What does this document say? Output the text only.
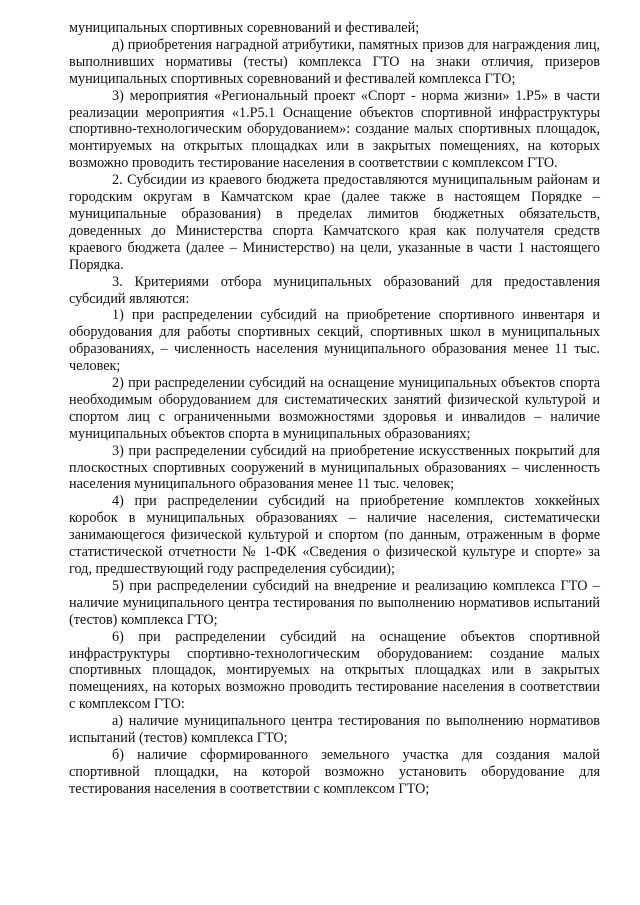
муниципальных спортивных соревнований и фестивалей;

д) приобретения наградной атрибутики, памятных призов для награждения лиц, выполнивших нормативы (тесты) комплекса ГТО на знаки отличия, призеров муниципальных спортивных соревнований и фестивалей комплекса ГТО;

3) мероприятия «Региональный проект «Спорт - норма жизни» 1.Р5» в части реализации мероприятия «1.Р5.1 Оснащение объектов спортивной инфраструктуры спортивно-технологическим оборудованием»: создание малых спортивных площадок, монтируемых на открытых площадках или в закрытых помещениях, на которых возможно проводить тестирование населения в соответствии с комплексом ГТО.

2. Субсидии из краевого бюджета предоставляются муниципальным районам и городским округам в Камчатском крае (далее также в настоящем Порядке – муниципальные образования) в пределах лимитов бюджетных обязательств, доведенных до Министерства спорта Камчатского края как получателя средств краевого бюджета (далее – Министерство) на цели, указанные в части 1 настоящего Порядка.

3. Критериями отбора муниципальных образований для предоставления субсидий являются:

1) при распределении субсидий на приобретение спортивного инвентаря и оборудования для работы спортивных секций, спортивных школ в муниципальных образованиях, – численность населения муниципального образования менее 11 тыс. человек;

2) при распределении субсидий на оснащение муниципальных объектов спорта необходимым оборудованием для систематических занятий физической культурой и спортом лиц с ограниченными возможностями здоровья и инвалидов – наличие муниципальных объектов спорта в муниципальных образованиях;

3) при распределении субсидий на приобретение искусственных покрытий для плоскостных спортивных сооружений в муниципальных образованиях – численность населения муниципального образования менее 11 тыс. человек;

4) при распределении субсидий на приобретение комплектов хоккейных коробок в муниципальных образованиях – наличие населения, систематически занимающегося физической культурой и спортом (по данным, отраженным в форме статистической отчетности № 1-ФК «Сведения о физической культуре и спорте» за год, предшествующий году распределения субсидии);

5) при распределении субсидий на внедрение и реализацию комплекса ГТО – наличие муниципального центра тестирования по выполнению нормативов испытаний (тестов) комплекса ГТО;

6) при распределении субсидий на оснащение объектов спортивной инфраструктуры спортивно-технологическим оборудованием: создание малых спортивных площадок, монтируемых на открытых площадках или в закрытых помещениях, на которых возможно проводить тестирование населения в соответствии с комплексом ГТО:

а) наличие муниципального центра тестирования по выполнению нормативов испытаний (тестов) комплекса ГТО;

б) наличие сформированного земельного участка для создания малой спортивной площадки, на которой возможно установить оборудование для тестирования населения в соответствии с комплексом ГТО;
